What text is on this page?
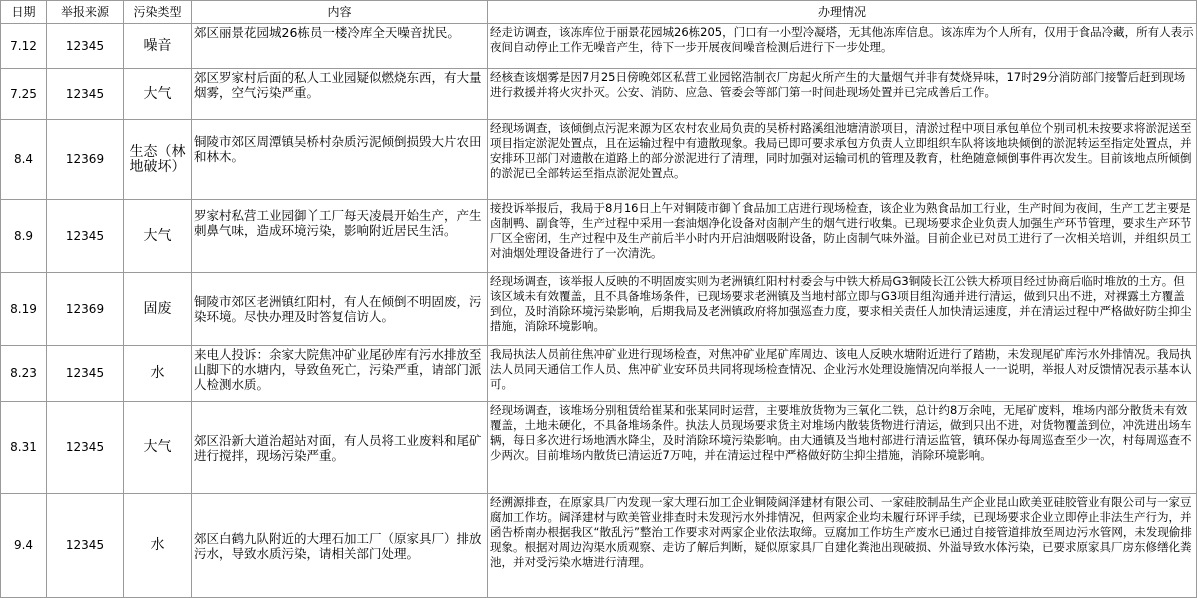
日期	举报来源	污染类型	内容	办理情况
7.12	12345	噪音	郊区丽景花园城26栋员一楼冷库全天噪音扰民。	经走访调查，该冻库位于丽景花园城26栋205，门口有一小型冷凝塔，无其他冻库信息。该冻库为个人所有，仅用于食品冷藏，所有人表示夜间自动停止工作无噪音产生，待下一步开展夜间噪音检测后进行下一步处理。
7.25	12345	大气	郊区罗家村后面的私人工业园疑似燃烧东西，有大量烟雾，空气污染严重。	经核查该烟雾是因7月25日傍晚郊区私营工业园铭浩制衣厂房起火所产生的大量烟气并非有焚烧异味，17时29分消防部门接警后赶到现场进行救援并将火灾扑灭。公安、消防、应急、管委会等部门第一时间赴现场处置并已完成善后工作。
8.4	12369	生态（林地破坏）	铜陵市郊区周潭镇吴桥村杂质污泥倾倒损毁大片农田和林木。	经现场调查，该倾倒点污泥来源为区农村农业局负责的吴桥村路溪组池塘清淤项目，清淤过程中项目承包单位个别司机未按要求将淤泥送至项目指定淤泥处置点，且在运输过程中有遗散现象。我局已即可要求承包方负责人立即组织车队将该地块倾倒的淤泥转运至指定处置点，并安排环卫部门对遗散在道路上的部分淤泥进行了清理，同时加强对运输司机的管理及教育，杜绝随意倾倒事件再次发生。目前该地点所倾倒的淤泥已全部转运至指点淤泥处置点。
8.9	12345	大气	罗家村私营工业园御丫工厂每天凌晨开始生产，产生刺鼻气味，造成环境污染，影响附近居民生活。	接投诉举报后，我局于8月16日上午对铜陵市御丫食品加工店进行现场检查，该企业为熟食品加工行业，生产时间为夜间，生产工艺主要是卤制鸭、副食等，生产过程中采用一套油烟净化设备对卤制产生的烟气进行收集。已现场要求企业负责人加强生产环节管理，要求生产环节厂区全密闭，生产过程中及生产前后半小时内开启油烟吸附设备，防止卤制气味外溢。目前企业已对员工进行了一次相关培训，并组织员工对油烟处理设备进行了一次清洗。
8.19	12369	固废	铜陵市郊区老洲镇红阳村，有人在倾倒不明固废，污染环境。尽快办理及时答复信访人。	经现场调查，该举报人反映的不明固废实则为老洲镇红阳村村委会与中铁大桥局G3铜陵长江公铁大桥项目经过协商后临时堆放的土方。但该区域未有效覆盖，且不具备堆场条件，已现场要求老洲镇及当地村部立即与G3项目组沟通并进行清运，做到只出不进，对裸露土方覆盖到位，及时消除环境污染影响，后期我局及老洲镇政府将加强巡查力度，要求相关责任人加快清运速度，并在清运过程中严格做好防尘抑尘措施，消除环境影响。
8.23	12345	水	来电人投诉：余家大院焦冲矿业尾砂库有污水排放至山脚下的水塘内，导致鱼死亡，污染严重，请部门派人检测水质。	我局执法人员前往焦冲矿业进行现场检查，对焦冲矿业尾矿库周边、该电人反映水塘附近进行了踏勘，未发现尾矿库污水外排情况。我局执法人员同天通信工作人员、焦冲矿业安环员共同将现场检查情况、企业污水处理设施情况向举报人一一说明，举报人对反馈情况表示基本认可。
8.31	12345	大气	郊区沿新大道治超站对面，有人员将工业废料和尾矿进行搅拌，现场污染严重。	经现场调查，该堆场分别租赁给崔某和张某同时运营，主要堆放货物为三氧化二铁，总计约8万余吨，无尾矿废料，堆场内部分散货未有效覆盖，土地未硬化，不具备堆场条件。执法人员现场要求货主对堆场内散装货物进行清运，做到只出不进，对货物覆盖到位，冲洗进出场车辆，每日多次进行场地洒水降尘，及时消除环境污染影响。由大通镇及当地村部进行清运监管，镇环保办每周巡查至少一次，村每周巡查不少两次。目前堆场内散货已清运近7万吨，并在清运过程中严格做好防尘抑尘措施，消除环境影响。
9.4	12345	水	郊区白鹤九队附近的大理石加工厂（原家具厂）排放污水，导致水质污染，请相关部门处理。	经溯源排查，在原家具厂内发现一家大理石加工企业铜陵阔泽建材有限公司、一家硅胶制品生产企业昆山欧美亚硅胶管业有限公司与一家豆腐加工作坊。阔泽建材与欧美管业排查时未发现污水外排情况，但两家企业均未履行环评手续，已现场要求企业立即停止非法生产行为，并函告桥南办根据我区“散乱污”整治工作要求对两家企业依法取缔。豆腐加工作坊生产废水已通过自接管道排放至周边污水管网，未发现偷排现象。根据对周边沟渠水质观察、走访了解后判断，疑似原家具厂自建化粪池出现破损、外溢导致水体污染，已要求原家具厂房东修缮化粪池，并对受污染水塘进行清理。
